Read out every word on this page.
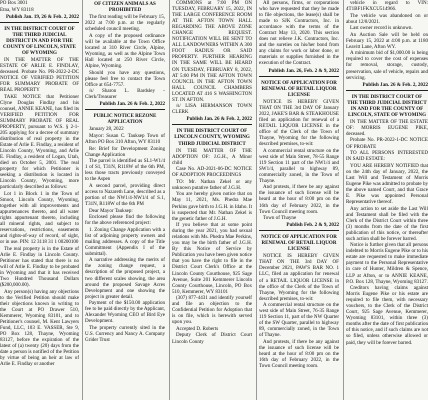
PO Box 3001

Etna, WY 83118

Publish Jan. 19, 26 & Feb. 2, 2022

IN THE DISTRICT COURT OF THE THIRD JUDICIAL DISTRICT IN AND FOR THE COUNTY OF LINCOLN, STATE OF WYOMING

IN THE MATTER OF THE ESTATE OF ARLIE E. FINDLAY, deceased. Probate No. PR-2022-2-DC NOTICE OF VERIFIED PETITION FOR SUMMARY PROBATE OF REAL PROPERTY

TAKE NOTICE that Petitioner Clyne Douglas Findlay and his counsel, ANNIE KEANE, has filed its VERIFIED PETITION FOR SUMMARY PROBATE OF REAL PROPERTY, pursuant to W.S. § 2-1-205 applying for a decree of summary distribution of real property in the Estate of Arlie E. Findlay, a resident of Lincoln County, Wyoming, and Arlie E. Findlay, a resident of Logan, Utah, died on October 5, 2001. The real property for which Petitioner is seeking a distribution is located in Lincoln County, Wyoming, more particularly described as follows:

Lot 1 in Block 1 in the Town of Smoot, Lincoln County, Wyoming, together with all improvements and appurtenances thereto, and all water rights appurtenant thereto, including all mineral rights, and subject to reservations, restrictions, easements and rights-of-way of record, of sight, or in use. PIN: 12 3118 31 1 00200100

The real property is in the Estate of Arlie E. Findlay in Lincoln County. Petitioner has stated that there is no will of Arlie E. Findlay to be probated in Wyoming and that it has received Two Hundred Thousand Dollars ($200,000.00).

Any person(s) having any objections to the Verified Petition should make their objections known in writing to the Court at PO Drawer 510, Kemmerer, Wyoming 83101, and to Petitioner's counsel, M. Kent Lawyers Fund, LLC, 103 E. VASSER, Ste 9, PO Box 128, Thayne, Wyoming 83127, before the expiration of the latest of (a) twenty (20) days from the date a person is notified of the Petition by virtue of being an heir at law of Arlie E. Findlay or another

OF CITIZEN ANIMALS AS PROHIBITED

The first reading will be February 15, 2022 at 7:00 p.m. at the regularly scheduled council meeting.

A copy of the proposed ordinance will be available at the Town Office located at 310 River Circle, Alpine, Wyoming, as well as the Alpine Town Hall located at 250 River Circle, Alpine, Wyoming.

Should you have any questions, please feel free to contact the Town Office at 654-7757.

/s/ Sharon L. Bardsley - Clerk/Treasurer

Publish Jan. 26 & Feb. 2, 2022

PUBLIC NOTICE REZONE APPLICATION

January 28, 2022

Mayor: Susan C. Tauksep Town of Afton PO Box 310 Afton, WY 83110

Re: Brief for Development Zoning Change Application

The parcel is identified as SL1-W1/4 1 of S1, T31N, R118W of the 6th PM, less those tracts previously conveyed to the Aspen

A second parcel, providing direct access to Nazareth Lane, described as a portion of the NW1/4-NW1/4 of S.1, T31N, R118W of the 6th PM

Dear Mayor Tauksep:

Enclosed please find the following for the above referenced project:

1. Zoning Change Application with a list of adjoining property owners and mailing addresses. A copy of the Title Commitment (Appendix I of the submittal).

A narrative addressing the merits of the zoning change request, a description of the proposed project, a two different scales showing, the area around the proposed Savage Acres Development and one showing the project in greater detail.

Payment of the $150.00 application fee to be paid directly by the Applicant, Alexander Wyoming CEO of Bird Eye Development.

The property currently sited in the U.S. Currency and Nancy A. Company Grider Trust

COMMONS at 7:00 PM ON TUESDAY, FEBRUARY 15, 2022, IN THE LARGE CONFERENCE ROOM AT THE AFTON TOWN HALL REGARDING THE ABOVE ZONE CHANGE REQUEST. NOTIFICATION WILL BE SENT TO ALL LANDOWNERS WITHIN A 300 FOOT RADIUS OR SAID PROPERTY. FURTHER HEARING IN THE SAME WILL BE HEARD ON TUESDAY, FEBRUARY 8, 2022, AT 5:00 PM IN THE AFTON TOWN COUNCIL IN THE AFTON TOWN HALL COUNCIL CHAMBERS LOCATED AT 416 S WASHINGTON ST. IN AFTON.

/s/ LISA HERMANSON TOWN CLERK

Publish Jan. 26 & Feb. 2, 2022

IN THE DISTRICT COURT OF LINCOLN COUNTY, WYOMING THIRD JUDICIAL DISTRICT

IN THE MATTER OF THE ADOPTION OF: J.G.H., A Minor child

Case No. AD-2021-06-DC NOTICE OF ADOPTION PROCEEDINGS

TO: Mr. Nathan Zekel or any unknown putative father of J.G.H.

You are hereby given notice that on May 11, 2021, Ms. Phedra Mae Perkins gave birth to J.G.H. in Idaho. It is suspected that Mr. Nathan Zekel is the genetic father of J.G.H.

If you believe that at some point during the year 2021, you had sexual relations with Ms. Phedra Mae Perkins, you may be the birth father of J.G.H. By this Notice of Service by Publication you have been given notice that you have the right to file in the District Court Clerk's Office at the Lincoln County Courthouse, 925 Sage Avenue, Suite 201 Kemmerer Lincoln County Courthouse, Lincoln, PO Box 510, Kemmerer, WY 83101

(307) 877-4431 and identify yourself and file an objection to the Confidential Petition for Adoption that is on file, which is herewith served upon you.

Accepted D. Roberts

Deputy Clerk of District Court Lincoln County

All persons, firms, or corporations who have requested that they be made to file objections, the lease(s) shall be made to SJK Contractors, Inc. in accordance with the terms of the Contract May 13, 2020. This section does not relieve J.K. Contractors, Inc. and the sureties on his/her bond from any claims for work or labor done, or materials or supplies furnished in the execution of the Contract.

Publish Jan. 26, Feb. 2 & 9, 2022

NOTICE OF APPLICATION FOR RENEWAL OF RETAIL LIQUOR LICENSE

NOTICE IS HEREBY GIVEN THAT ON THE 3rd DAY OF January 2022, JAKE'S BAR & STEAKHOUSE filed an application for renewal of a RETAIL LIQUOR LICENSE in the office of the Clerk of the Town of Thayne, Wyoming for the following described premises, to-wit:

A commercial rental structure on the west side of Main Street, 78-55 Range 119 Section 11 part of the NW1/4 and SW1/4, parallel to highway 89, commercially zoned, in the Town of Thayne.

And protests, if there be any against the issuance of such license will be heard at the hour of 8:00 pm on the 16th day of February 2022, in the Town Council meeting room.

Town of Thayne

Publish Feb. 2 & 9, 2022

NOTICE OF APPLICATION FOR RENEWAL OF RETAIL LIQUOR LICENSE

NOTICE IS HEREBY GIVEN THAT ON THE 3rd DAY OF December 2021, PAW'S BAR NO. 1 LLC, filed an application for renewal of a RETAIL LIQUOR LICENSE in the office of the Clerk of the Town of Thayne, Wyoming for the following described premises, to-wit:

A commercial rental structure on the west side of Main Street, 76-35 Range 119 Section 11, part of the NW Quarter of the SW Quarter, parallel to highway 89, commercially zoned, in the Town of Thayne.

And protests, if there be any against the issuance of such license will be heard at the hour of 8:00 pm on the 16th day of February 2022, in the Town Council meeting room.

vehicle in regard to VIN: 4T1BF1FKXCU514966.

The vehicle was abandoned on or about 12/8/2021.

Last owner record is unknown.

An Auction Sale will be held on February 15, 2022 at 4:00 p.m. at 1180 Leavitt Lane, Afton WY.

A minimum bid of $1,000.00 is being required to cover the cost of expenses for removal, storage, custody, preservation, sale of vehicle, repairs and servicing.

Publish Jan. 26 & Feb. 2, 2022

IN THE DISTRICT COURT OF THE THIRD JUDICIAL DISTRICT IN AND FOR THE COUNTY OF LINCOLN, STATE OF WYOMING

IN THE MATTER OF THE ESTATE OF: MORRIS EUGENE PIKE, deceased.

Probate No. PR-2022-1-DC NOTICE OF PROBATE

TO ALL PERSONS INTERESTED IN SAID ESTATE:

YOU ARE HEREBY NOTIFIED that on the 24th day of January, 2022, the Last Will and Testament of Morris Eugene Pike was admitted to probate by the above named Court, and that Grace E. Pike was appointed Personal Representative thereof.

Any action to set aside the Last Will and Testament shall be filed with the Clerk of the District Court within three (3) months from the date of the first publication of this notice, or thereafter such action shall be forever barred.

Notice is further given that all persons indebted to Morris Eugene Pike or to his estate are requested to make immediate payment to the Personal Representative in care of Hunter, Mildren & Spence, LLP at Afton, or to ANNIE KEANE, P.O. Box 128, Thayne, Wyoming 83127.

Creditors having claims against Morris Eugene Pike or his estate are required to file them, with necessary vouchers, to the Clerk of the District Court, 925 Sage Avenue, Kemmerer, Wyoming 83101, within three (3) months after the date of first publication of this notice, and if such claims are not so filed, unless otherwise allowed or paid, they will be forever barred.
